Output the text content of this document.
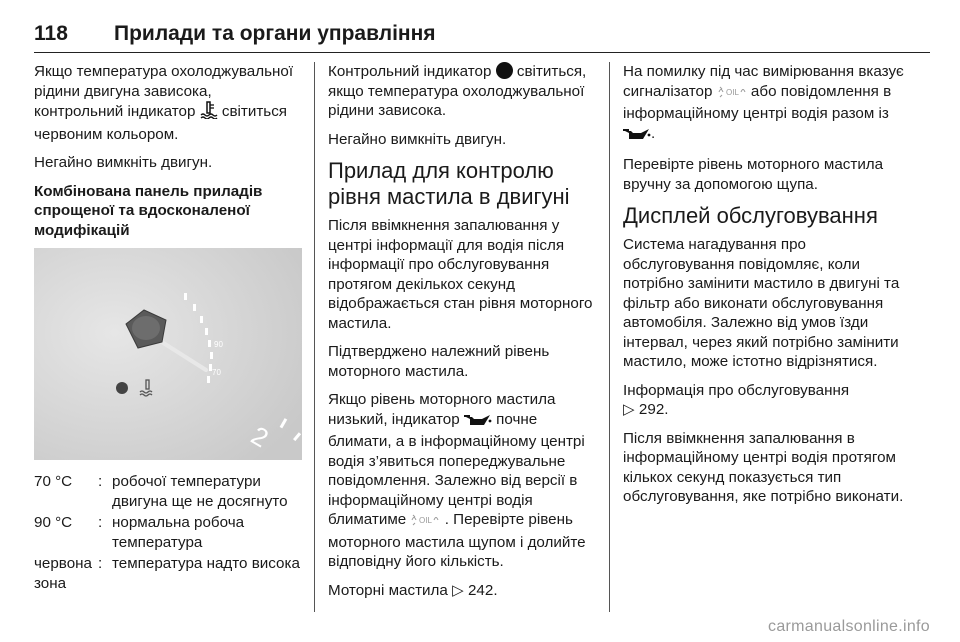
118 Прилади та органи управління

Якщо температура охолоджувальної рідини двигуна зависока, контрольний індикатор світиться червоним кольором.

Негайно вимкніть двигун.

Комбінована панель приладів спрощеної та вдосконаленої модифікацій

90
70
2
70 °C	: робочої температури двигуна ще не досягнуто
90 °C	: нормальна робоча температура
червона зона
: температура надто висока

Контрольний індикатор світиться, якщо температура охолоджувальної рідини зависока.

Негайно вимкніть двигун.

Прилад для контролю рівня мастила в двигуні

Після ввімкнення запалювання у центрі інформації для водія після інформації про обслуговування протягом декількох секунд відображається стан рівня моторного мастила.

Підтверджено належний рівень моторного мастила.

Якщо рівень моторного мастила низький, індикатор почне блимати, а в інформаційному центрі водія з’явиться попереджувальне повідомлення. Залежно від версії в інформаційному центрі водія блиматиме OIL . Перевірте рівень моторного мастила щупом і долийте відповідну його кількість.

Моторні мастила ▷ 242.

На помилку під час вимірювання вказує сигналізатор OIL або повідомлення в інформаційному центрі водія разом із .

Перевірте рівень моторного мастила вручну за допомогою щупа.

Дисплей обслуговування

Система нагадування про обслуговування повідомляє, коли потрібно замінити мастило в двигуні та фільтр або виконати обслуговування автомобіля. Залежно від умов їзди інтервал, через який потрібно замінити мастило, може істотно відрізнятися.

Інформація про обслуговування
▷ 292.

Після ввімкнення запалювання в інформаційному центрі водія протягом кількох секунд показується тип обслуговування, яке потрібно виконати.

carmanualsonline.info
